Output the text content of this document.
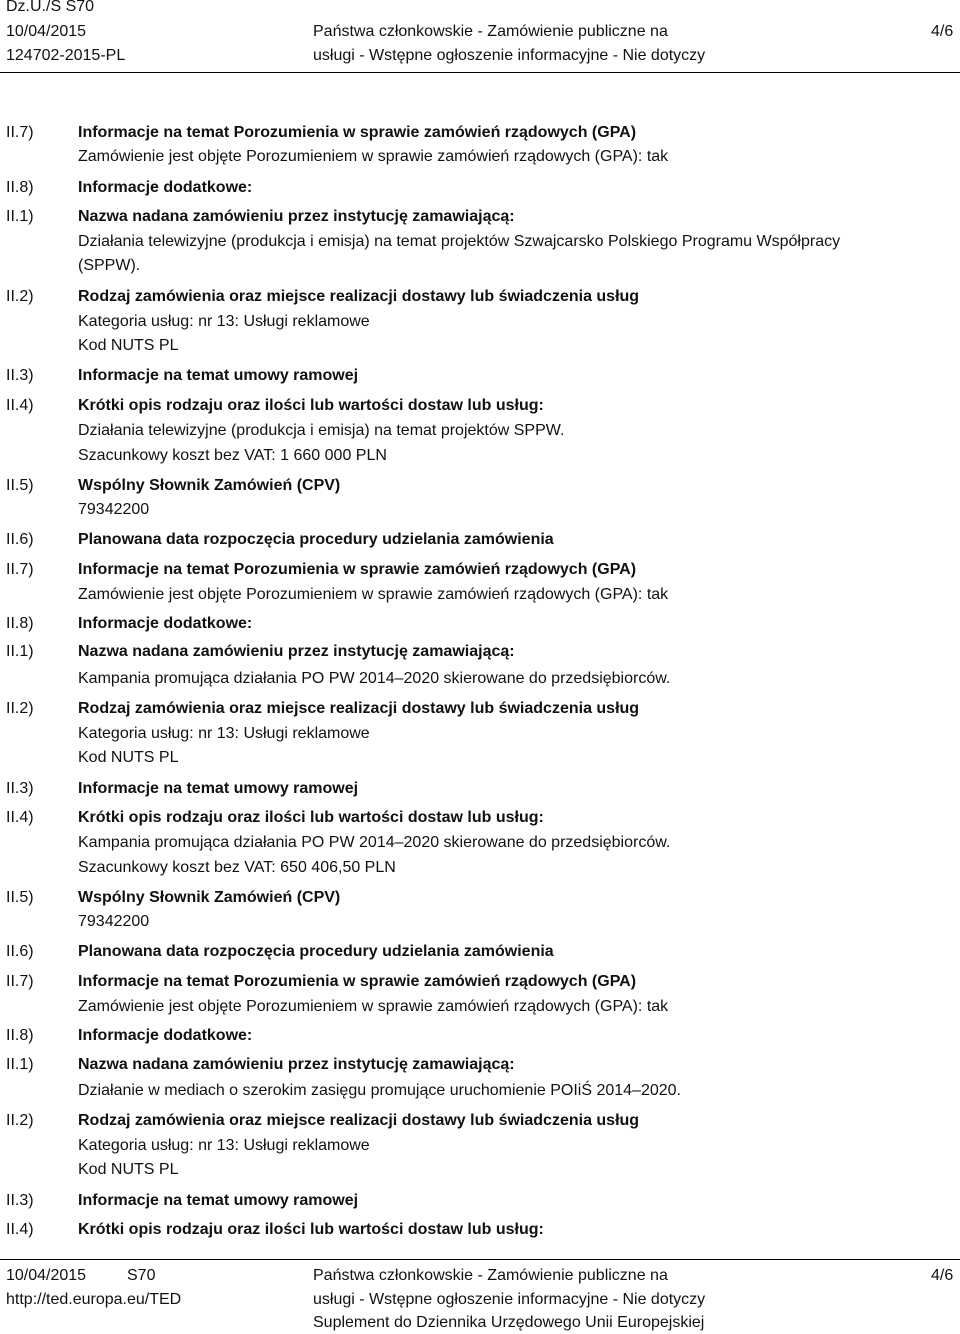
Dz.U./S S70
10/04/2015
124702-2015-PL
Państwa członkowskie - Zamówienie publiczne na
usługi - Wstępne ogłoszenie informacyjne - Nie dotyczy
4/6
II.7)	Informacje na temat Porozumienia w sprawie zamówień rządowych (GPA)
Zamówienie jest objęte Porozumieniem w sprawie zamówień rządowych (GPA): tak
II.8)	Informacje dodatkowe:
II.1)	Nazwa nadana zamówieniu przez instytucję zamawiającą:
Działania telewizyjne (produkcja i emisja) na temat projektów Szwajcarsko Polskiego Programu Współpracy
(SPPW).
II.2)	Rodzaj zamówienia oraz miejsce realizacji dostawy lub świadczenia usług
Kategoria usług: nr 13: Usługi reklamowe
Kod NUTS PL
II.3)	Informacje na temat umowy ramowej
II.4)	Krótki opis rodzaju oraz ilości lub wartości dostaw lub usług:
Działania telewizyjne (produkcja i emisja) na temat projektów SPPW.
Szacunkowy koszt bez VAT: 1 660 000 PLN
II.5)	Wspólny Słownik Zamówień (CPV)
79342200
II.6)	Planowana data rozpoczęcia procedury udzielania zamówienia
II.7)	Informacje na temat Porozumienia w sprawie zamówień rządowych (GPA)
Zamówienie jest objęte Porozumieniem w sprawie zamówień rządowych (GPA): tak
II.8)	Informacje dodatkowe:
II.1)	Nazwa nadana zamówieniu przez instytucję zamawiającą:
Kampania promująca działania PO PW 2014–2020 skierowane do przedsiębiorców.
II.2)	Rodzaj zamówienia oraz miejsce realizacji dostawy lub świadczenia usług
Kategoria usług: nr 13: Usługi reklamowe
Kod NUTS PL
II.3)	Informacje na temat umowy ramowej
II.4)	Krótki opis rodzaju oraz ilości lub wartości dostaw lub usług:
Kampania promująca działania PO PW 2014–2020 skierowane do przedsiębiorców.
Szacunkowy koszt bez VAT: 650 406,50 PLN
II.5)	Wspólny Słownik Zamówień (CPV)
79342200
II.6)	Planowana data rozpoczęcia procedury udzielania zamówienia
II.7)	Informacje na temat Porozumienia w sprawie zamówień rządowych (GPA)
Zamówienie jest objęte Porozumieniem w sprawie zamówień rządowych (GPA): tak
II.8)	Informacje dodatkowe:
II.1)	Nazwa nadana zamówieniu przez instytucję zamawiającą:
Działanie w mediach o szerokim zasięgu promujące uruchomienie POIiŚ 2014–2020.
II.2)	Rodzaj zamówienia oraz miejsce realizacji dostawy lub świadczenia usług
Kategoria usług: nr 13: Usługi reklamowe
Kod NUTS PL
II.3)	Informacje na temat umowy ramowej
II.4)	Krótki opis rodzaju oraz ilości lub wartości dostaw lub usług:
10/04/2015	S70
http://ted.europa.eu/TED
Państwa członkowskie - Zamówienie publiczne na
usługi - Wstępne ogłoszenie informacyjne - Nie dotyczy
Suplement do Dziennika Urzędowego Unii Europejskiej
4/6
